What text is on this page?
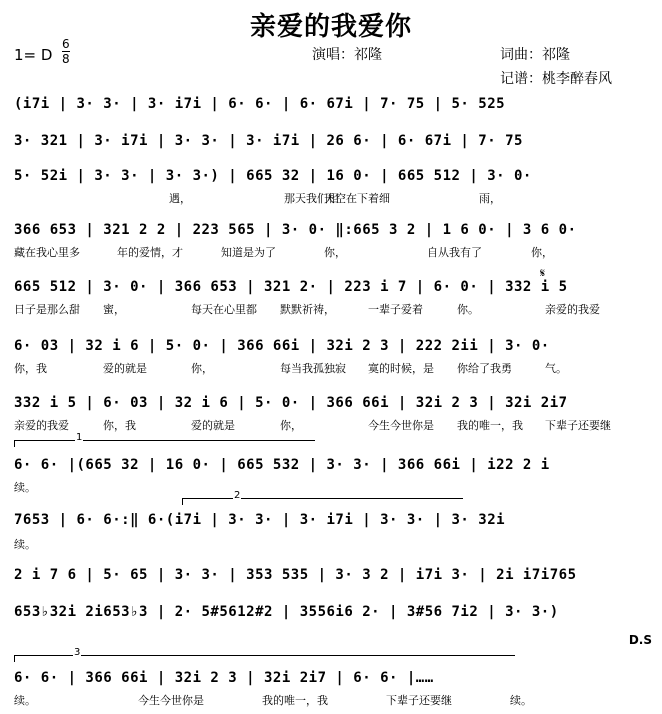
亲爱的我爱你
1= D
6
8	演唱：祁隆	词曲：祁隆
记谱：桃李醉春风
(i7i | 3· 3· | 3· i7i | 6· 6· | 6· 67i | 7· 75 | 5· 525
3· 321 | 3· i7i | 3· 3· | 3· i7i | 26 6· | 6· 67i | 7· 75
5· 52i | 3· 3· | 3· 3·) | 665 32 | 16 0· | 665 512 | 3· 0·
那天我们相
遇，	天空在下着细	雨，
366 653 | 321 2 2 | 223 565 | 3· 0· ‖:665 3 2 | 1 6 0· | 3 6 0·
藏在我心里多	年的爱情，才	知道是为了	你，	自从我有了	你，
665 512 | 3· 0· | 366 653 | 321 2· | 223 i 7 | 6· 0· | 332 i 5
日子是那么甜 蜜，	每天在心里都 默默祈祷，	一辈子爱着	你。	亲爱的我爱
6· 03 | 32 i 6 | 5· 0· | 366 66i | 32i 2 3 | 222 2ii | 3· 0·
你，我	爱的就是	你，	每当我孤独寂 寞的时候，是 你给了我勇	气。
332 i 5 | 6· 03 | 32 i 6 | 5· 0· | 366 66i | 32i 2 3 | 32i 2i7
亲爱的我爱	你，我	爱的就是	你，	今生今世你是 我的唯一，我 下辈子还要继
6· 6· |(665 32 | 16 0· | 665 532 | 3· 3· | 366 66i | i22 2 i
续。
7653 | 6· 6·:‖ 6·(i7i | 3· 3· | 3· i7i | 3· 3· | 3· 32i
续。
2 i 7 6 | 5· 65 | 3· 3· | 353 535 | 3· 3 2 | i7i 3· | 2i i7i765
653♭32i 2i653♭3 | 2· 5#5612#2 | 3556i6 2· | 3#56 7i2 | 3· 3·)
6· 6· | 366 66i | 32i 2 3 | 32i 2i7 | 6· 6· |……
续。	今生今世你是	我的唯一，我	下辈子还要继	续。
𝄋
1
2
3
D.S
